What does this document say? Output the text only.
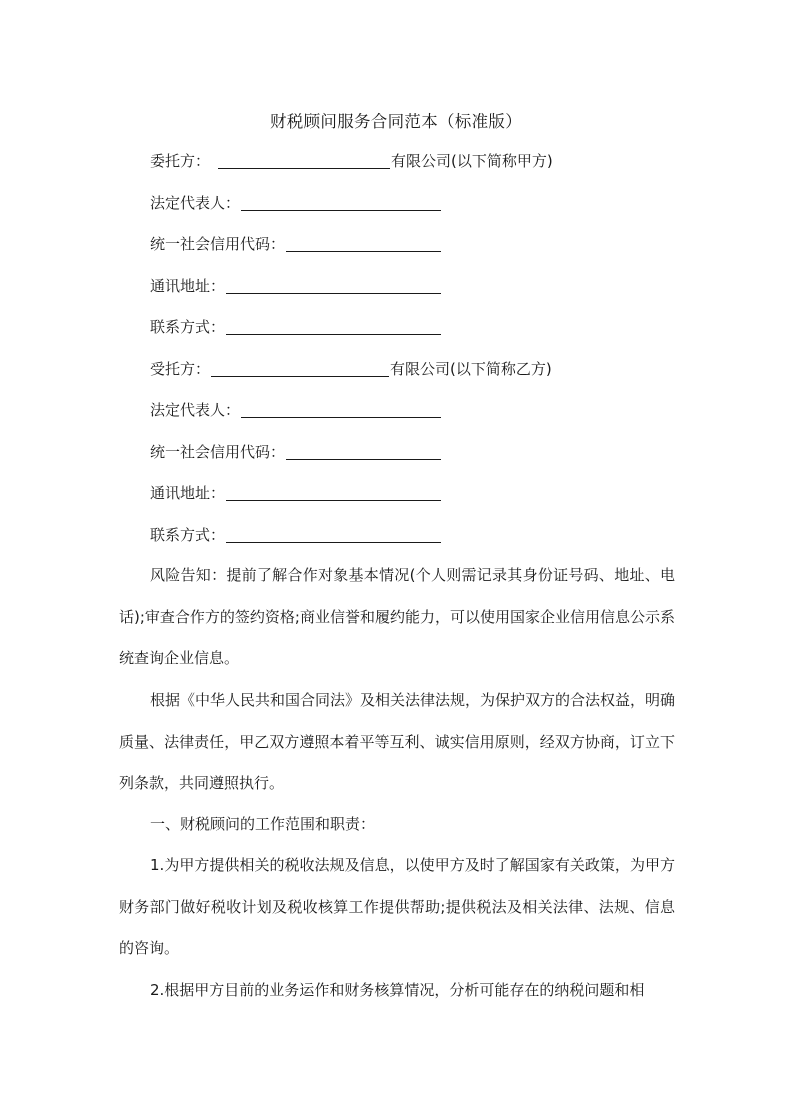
财税顾问服务合同范本（标准版）
委托方：	有限公司(以下简称甲方)
法定代表人：
统一社会信用代码：
通讯地址：
联系方式：
受托方：	有限公司(以下简称乙方)
法定代表人：
统一社会信用代码：
通讯地址：
联系方式：
风险告知：提前了解合作对象基本情况(个人则需记录其身份证号码、地址、电话);审查合作方的签约资格;商业信誉和履约能力，可以使用国家企业信用信息公示系统查询企业信息。
根据《中华人民共和国合同法》及相关法律法规，为保护双方的合法权益，明确质量、法律责任，甲乙双方遵照本着平等互利、诚实信用原则，经双方协商，订立下列条款，共同遵照执行。
一、财税顾问的工作范围和职责：
1.为甲方提供相关的税收法规及信息，以使甲方及时了解国家有关政策，为甲方财务部门做好税收计划及税收核算工作提供帮助;提供税法及相关法律、法规、信息的咨询。
2.根据甲方目前的业务运作和财务核算情况，分析可能存在的纳税问题和相
